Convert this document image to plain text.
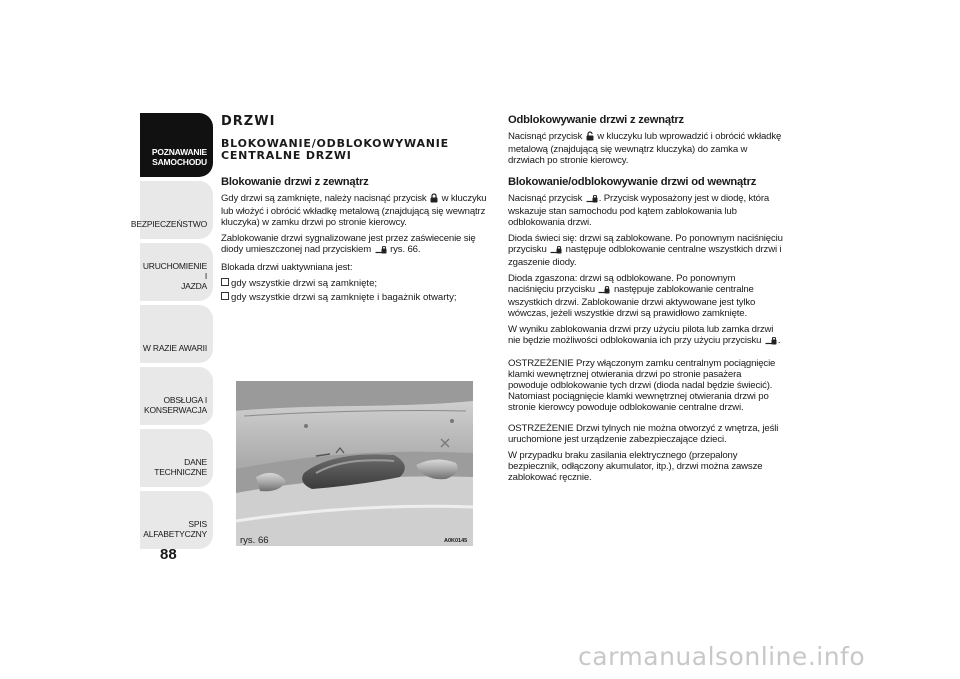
POZNAWANIE
SAMOCHODU
BEZPIECZEŃSTWO
URUCHOMIENIE I
JAZDA
W RAZIE AWARII
OBSŁUGA I
KONSERWACJA
DANE TECHNICZNE
SPIS ALFABETYCZNY
88
DRZWI
BLOKOWANIE/ODBLOKOWYWANIE CENTRALNE DRZWI
Blokowanie drzwi z zewnątrz

Gdy drzwi są zamknięte, należy nacisnąć przycisk w kluczyku lub włożyć i obrócić wkładkę metalową (znajdującą się wewnątrz kluczyka) w zamku drzwi po stronie kierowcy.

Zablokowanie drzwi sygnalizowane jest przez zaświecenie się diody umieszczonej nad przyciskiem rys. 66.

Blokada drzwi uaktywniana jest:

gdy wszystkie drzwi są zamknięte;
gdy wszystkie drzwi są zamknięte i bagażnik otwarty;
rys. 66	A0K0145
Odblokowywanie drzwi z zewnątrz

Nacisnąć przycisk w kluczyku lub wprowadzić i obrócić wkładkę metalową (znajdującą się wewnątrz kluczyka) do zamka w drzwiach po stronie kierowcy.

Blokowanie/odblokowywanie drzwi od wewnątrz

Nacisnąć przycisk . Przycisk wyposażony jest w diodę, która wskazuje stan samochodu pod kątem zablokowania lub odblokowania drzwi.

Dioda świeci się: drzwi są zablokowane. Po ponownym naciśnięciu przycisku następuje odblokowanie centralne wszystkich drzwi i zgaszenie diody.

Dioda zgaszona: drzwi są odblokowane. Po ponownym naciśnięciu przycisku następuje zablokowanie centralne wszystkich drzwi. Zablokowanie drzwi aktywowane jest tylko wówczas, jeżeli wszystkie drzwi są prawidłowo zamknięte.

W wyniku zablokowania drzwi przy użyciu pilota lub zamka drzwi nie będzie możliwości odblokowania ich przy użyciu przycisku .

OSTRZEŻENIE Przy włączonym zamku centralnym pociągnięcie klamki wewnętrznej otwierania drzwi po stronie pasażera powoduje odblokowanie tych drzwi (dioda nadal będzie świecić). Natomiast pociągnięcie klamki wewnętrznej otwierania drzwi po stronie kierowcy powoduje odblokowanie centralne drzwi.

OSTRZEŻENIE Drzwi tylnych nie można otworzyć z wnętrza, jeśli uruchomione jest urządzenie zabezpieczające dzieci.

W przypadku braku zasilania elektrycznego (przepalony bezpiecznik, odłączony akumulator, itp.), drzwi można zawsze zablokować ręcznie.

carmanualsonline.info
